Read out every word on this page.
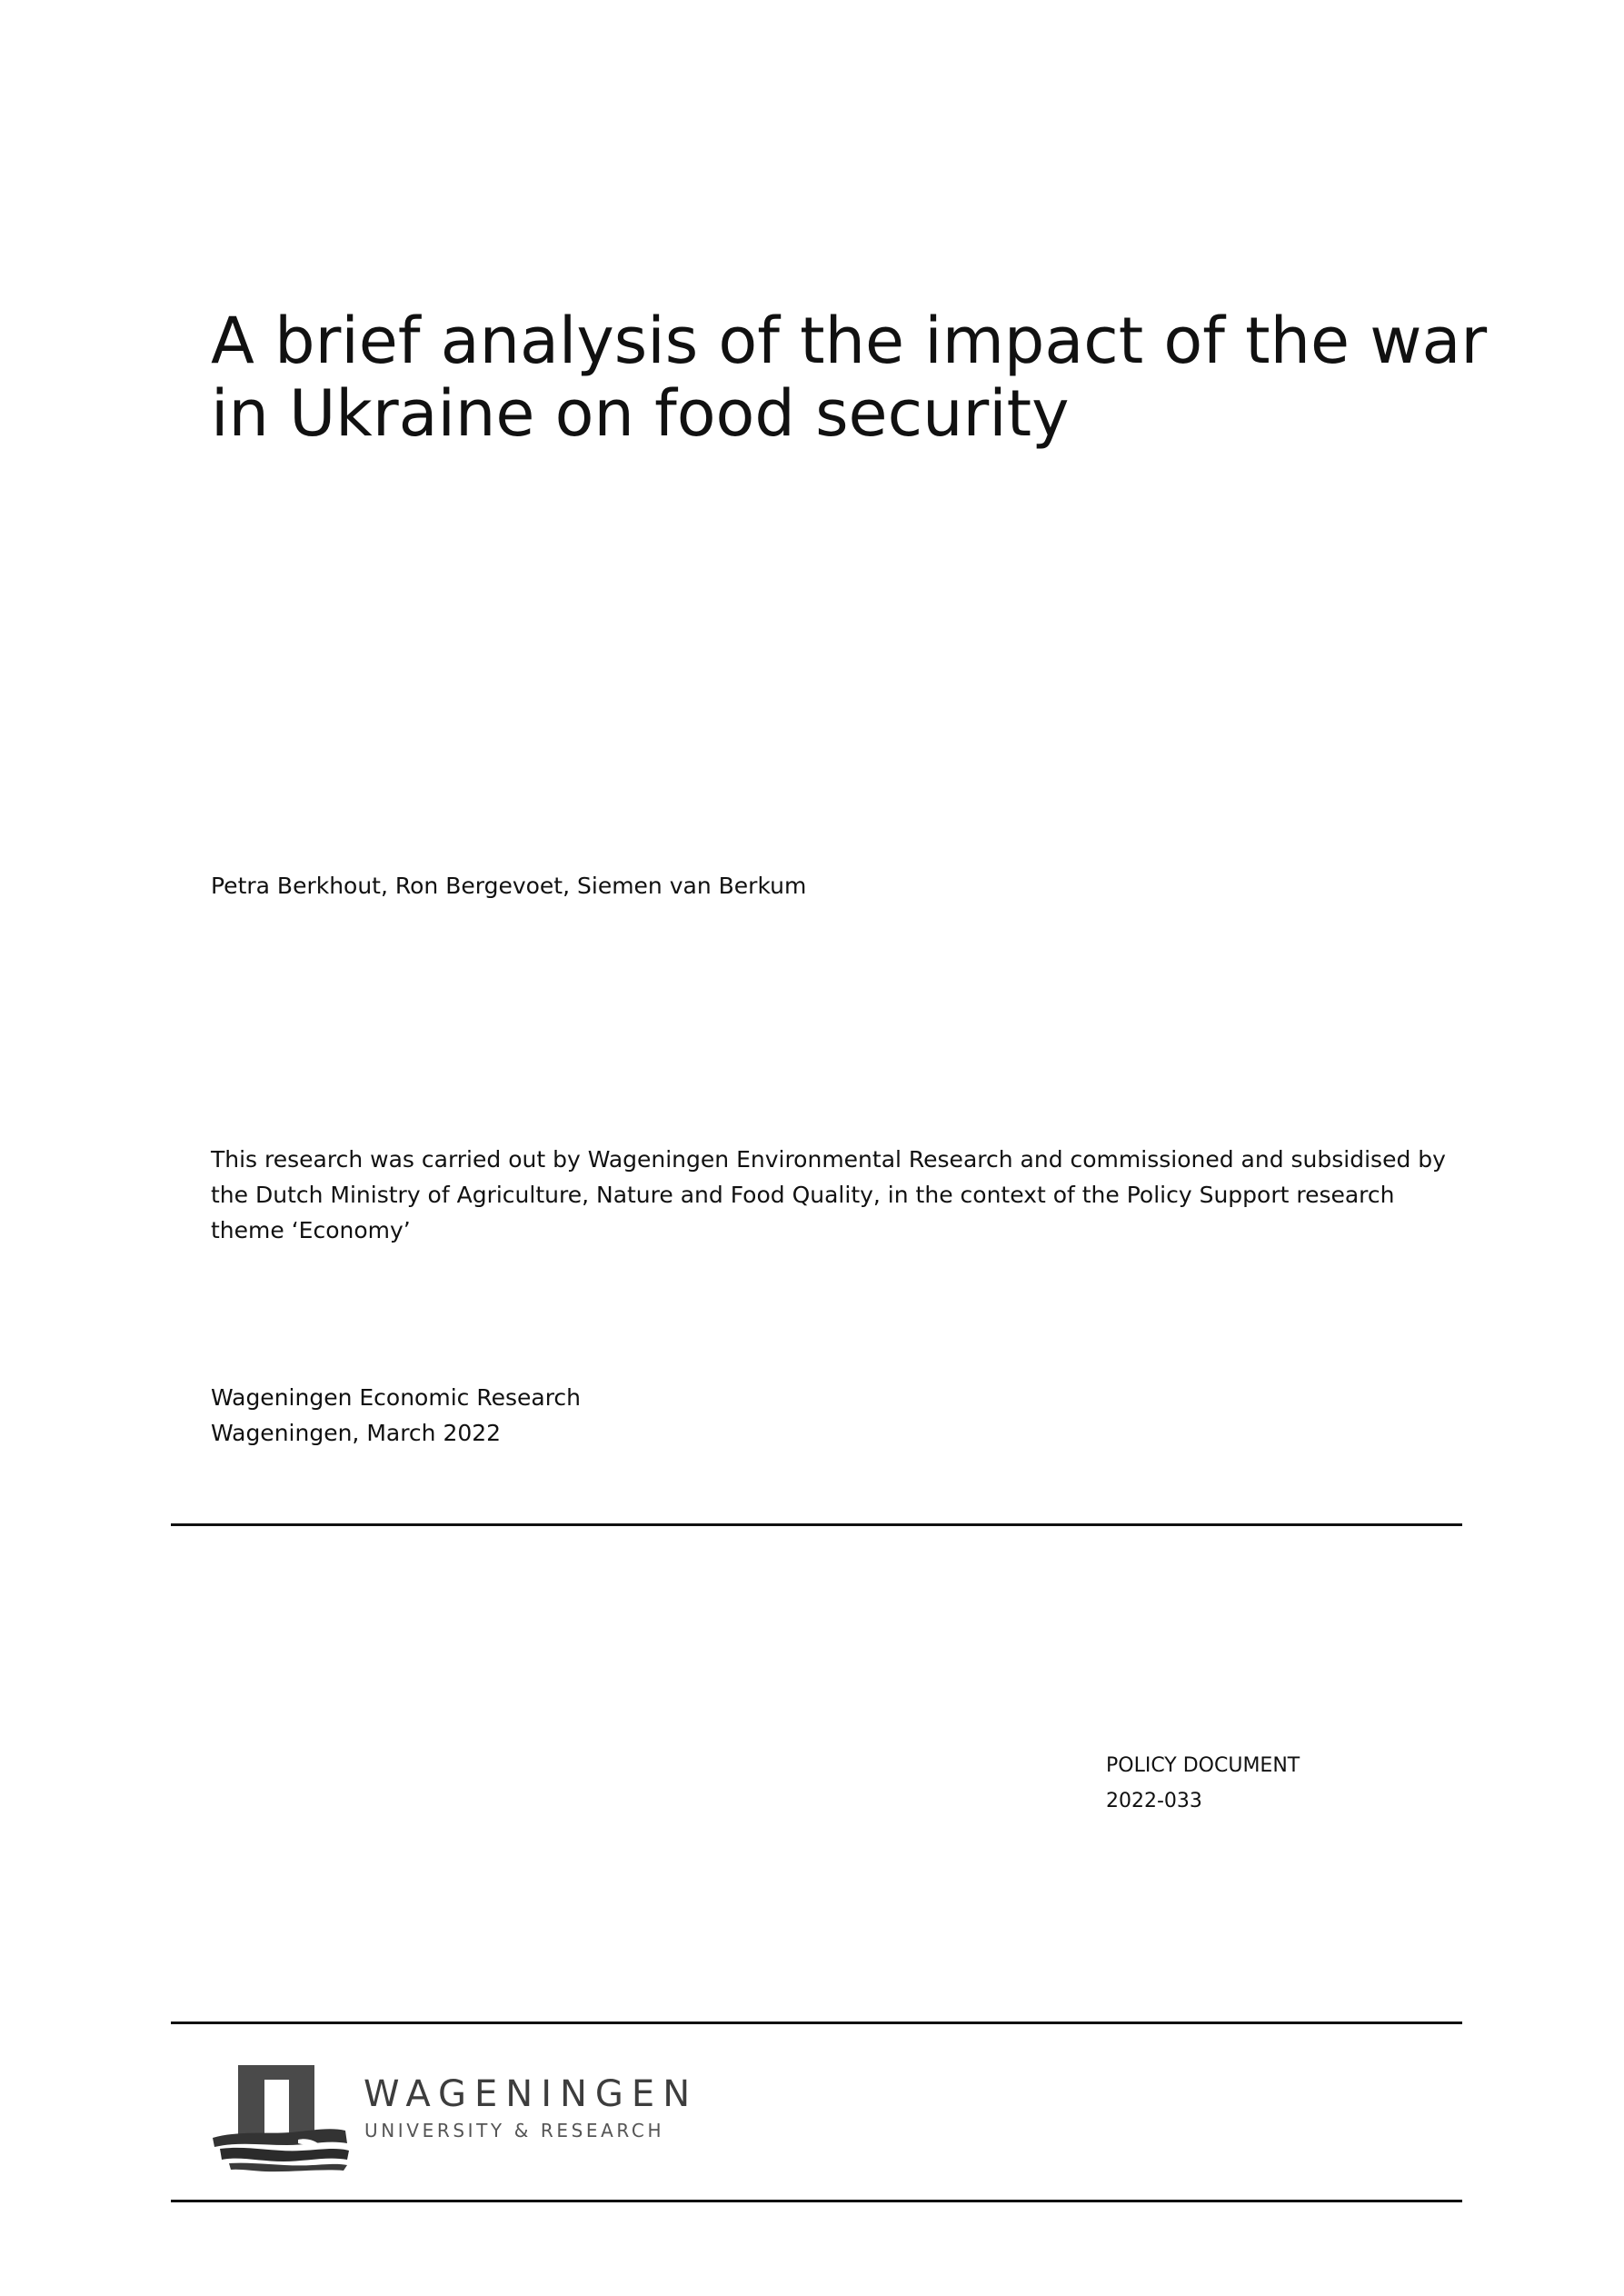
A brief analysis of the impact of the war
in Ukraine on food security

Petra Berkhout, Ron Bergevoet, Siemen van Berkum

This research was carried out by Wageningen Environmental Research and commissioned and subsidised by the Dutch Ministry of Agriculture, Nature and Food Quality, in the context of the Policy Support research theme ‘Economy’

Wageningen Economic Research
Wageningen, March 2022

POLICY DOCUMENT
2022-033

WAGENINGEN
UNIVERSITY & RESEARCH
